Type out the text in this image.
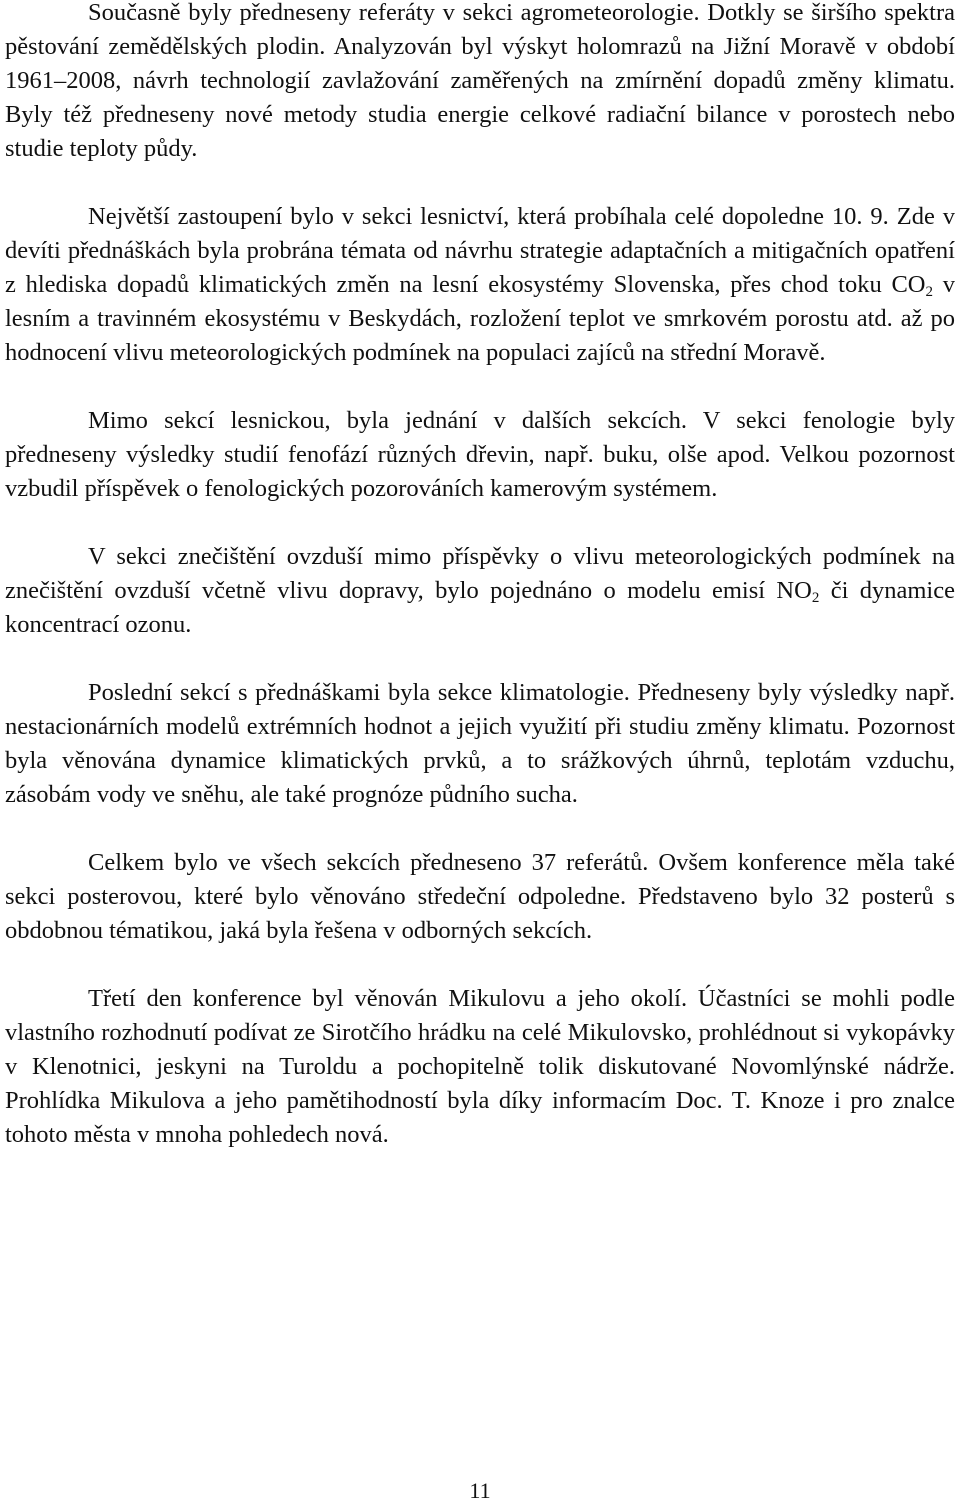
Současně byly předneseny referáty v sekci agrometeorologie. Dotkly se širšího spektra pěstování zemědělských plodin. Analyzován byl výskyt holomrazů na Jižní Moravě v období 1961–2008, návrh technologií zavlažování zaměřených na zmírnění dopadů změny klimatu. Byly též předneseny nové metody studia energie celkové radiační bilance v porostech nebo studie teploty půdy.

Největší zastoupení bylo v sekci lesnictví, která probíhala celé dopoledne 10. 9. Zde v devíti přednáškách byla probrána témata od návrhu strategie adaptačních a mitigačních opatření z hlediska dopadů klimatických změn na lesní ekosystémy Slovenska, přes chod toku $CO_2$ v lesním a travinném ekosystému v Beskydách, rozložení teplot ve smrkovém porostu atd. až po hodnocení vlivu meteorologických podmínek na populaci zajíců na střední Moravě.

Mimo sekcí lesnickou, byla jednání v dalších sekcích. V sekci fenologie byly předneseny výsledky studií fenofází různých dřevin, např. buku, olše apod. Velkou pozornost vzbudil příspěvek o fenologických pozorováních kamerovým systémem.

V sekci znečištění ovzduší mimo příspěvky o vlivu meteorologických podmínek na znečištění ovzduší včetně vlivu dopravy, bylo pojednáno o modelu emisí $NO_2$ či dynamice koncentrací ozonu.

Poslední sekcí s přednáškami byla sekce klimatologie. Předneseny byly výsledky např. nestacionárních modelů extrémních hodnot a jejich využití při studiu změny klimatu. Pozornost byla věnována dynamice klimatických prvků, a to srážkových úhrnů, teplotám vzduchu, zásobám vody ve sněhu, ale také prognóze půdního sucha.

Celkem bylo ve všech sekcích předneseno 37 referátů. Ovšem konference měla také sekci posterovou, které bylo věnováno středeční odpoledne. Představeno bylo 32 posterů s obdobnou tématikou, jaká byla řešena v odborných sekcích.

Třetí den konference byl věnován Mikulovu a jeho okolí. Účastníci se mohli podle vlastního rozhodnutí podívat ze Sirotčího hrádku na celé Mikulovsko, prohlédnout si vykopávky v Klenotnici, jeskyni na Turoldu a pochopitelně tolik diskutované Novomlýnské nádrže. Prohlídka Mikulova a jeho pamětihodností byla díky informacím Doc. T. Knoze i pro znalce tohoto města v mnoha pohledech nová.

11
